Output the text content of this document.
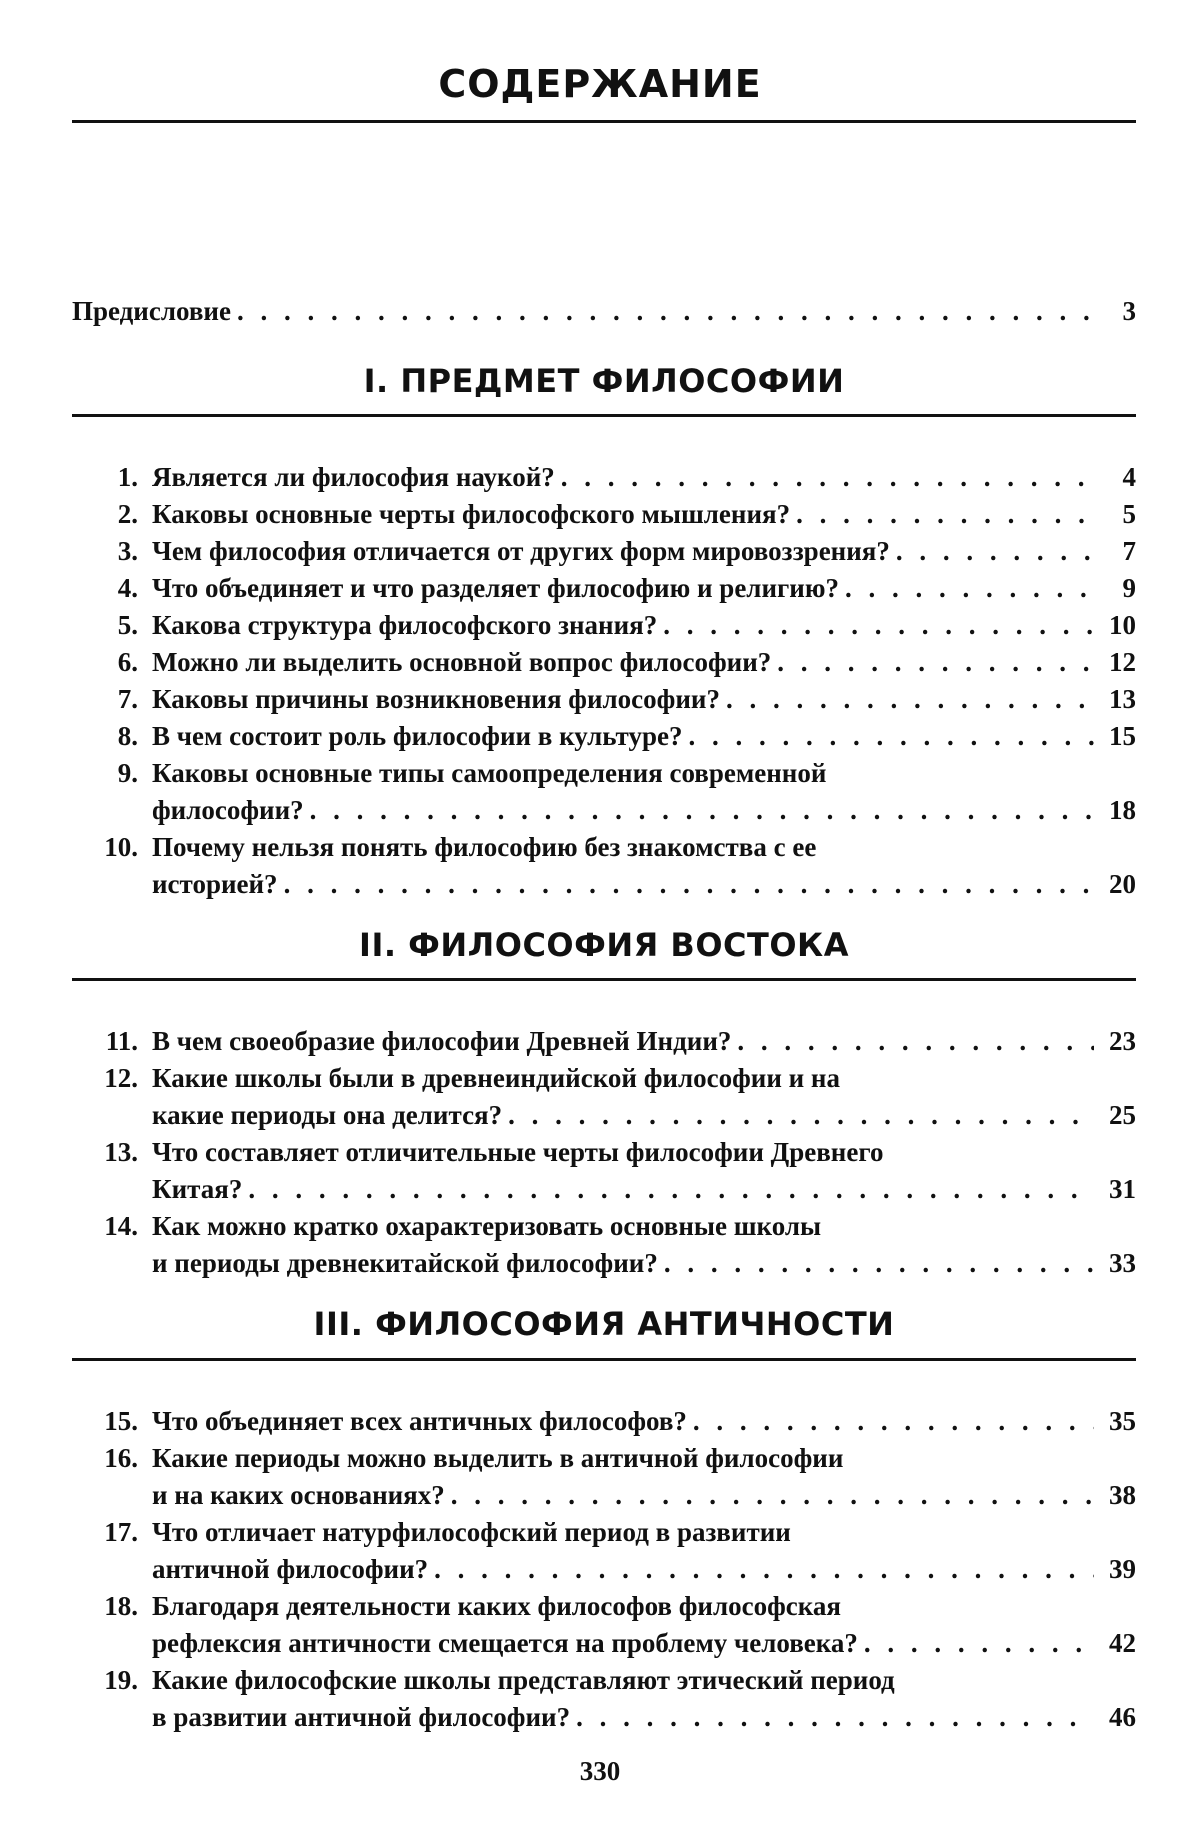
СОДЕРЖАНИЕ
Предисловие . . .	3
I. ПРЕДМЕТ ФИЛОСОФИИ
1. Является ли философия наукой? . . .	4
2. Каковы основные черты философского мышления? . . .	5
3. Чем философия отличается от других форм мировоззрения? . . .	7
4. Что объединяет и что разделяет философию и религию? . . .	9
5. Какова структура философского знания? . . .	10
6. Можно ли выделить основной вопрос философии? . . .	12
7. Каковы причины возникновения философии? . . .	13
8. В чем состоит роль философии в культуре? . . .	15
9. Каковы основные типы самоопределения современной
философии? . . .	18
10. Почему нельзя понять философию без знакомства с ее
историей? . . .	20
II. ФИЛОСОФИЯ ВОСТОКА
11. В чем своеобразие философии Древней Индии? . . .	23
12. Какие школы были в древнеиндийской философии и на
какие периоды она делится? . . .	25
13. Что составляет отличительные черты философии Древнего
Китая? . . .	31
14. Как можно кратко охарактеризовать основные школы
и периоды древнекитайской философии? . . .	33
III. ФИЛОСОФИЯ АНТИЧНОСТИ
15. Что объединяет всех античных философов? . . .	35
16. Какие периоды можно выделить в античной философии
и на каких основаниях? . . .	38
17. Что отличает натурфилософский период в развитии
античной философии? . . .	39
18. Благодаря деятельности каких философов философская
рефлексия античности смещается на проблему человека? . . .	42
19. Какие философские школы представляют этический период
в развитии античной философии? . . .	46
330
